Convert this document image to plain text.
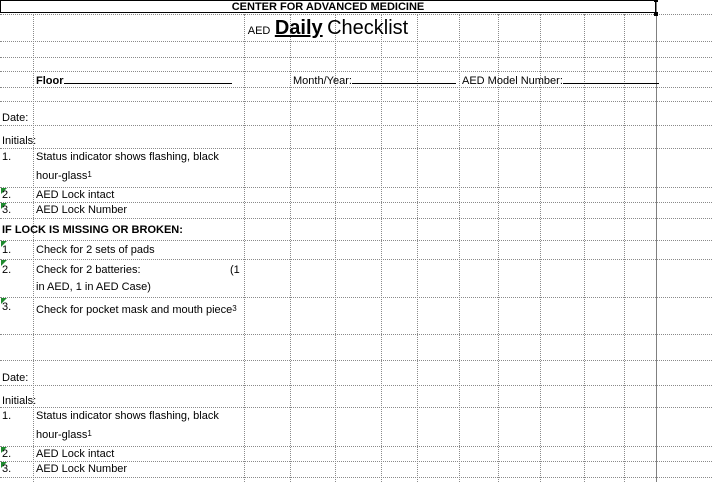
CENTER FOR ADVANCED MEDICINE
AED Daily Checklist
Floor	Month/Year:	AED Model Number:
Date:
Initials:
1. Status indicator shows flashing, black
hour-glass$^1$
2. AED Lock intact
3. AED Lock Number
IF LOCK IS MISSING OR BROKEN:
1. Check for 2 sets of pads
2. Check for 2 batteries:	(1
in AED, 1 in AED Case)
3. Check for pocket mask and mouth piece$^3$
Date:
Initials:
1. Status indicator shows flashing, black
hour-glass$^1$
2. AED Lock intact
3. AED Lock Number
